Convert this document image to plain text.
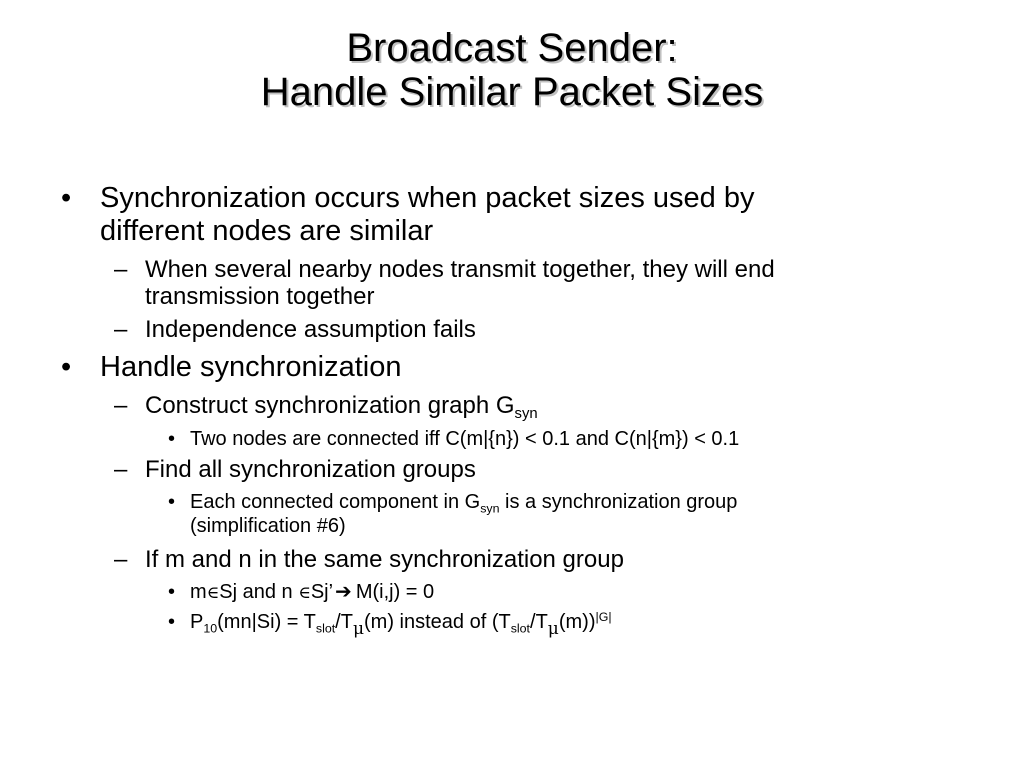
Broadcast Sender:
Handle Similar Packet Sizes
• Synchronization occurs when packet sizes used by
different nodes are similar
– When several nearby nodes transmit together, they will end
transmission together
– Independence assumption fails
• Handle synchronization
– Construct synchronization graph $G_{syn}$
• Two nodes are connected iff C(m|{n}) < 0.1 and C(n|{m}) < 0.1
– Find all synchronization groups
• Each connected component in $G_{syn}$ is a synchronization group
(simplification #6)
– If m and n in the same synchronization group
• m∈Sj and n ∈Sj’ ➔ M(i,j) = 0
• $P_{10}(mn|Si) = T_{slot}/T_\mu(m)$ instead of $(T_{slot}/T_\mu(m))^{|G|}$
